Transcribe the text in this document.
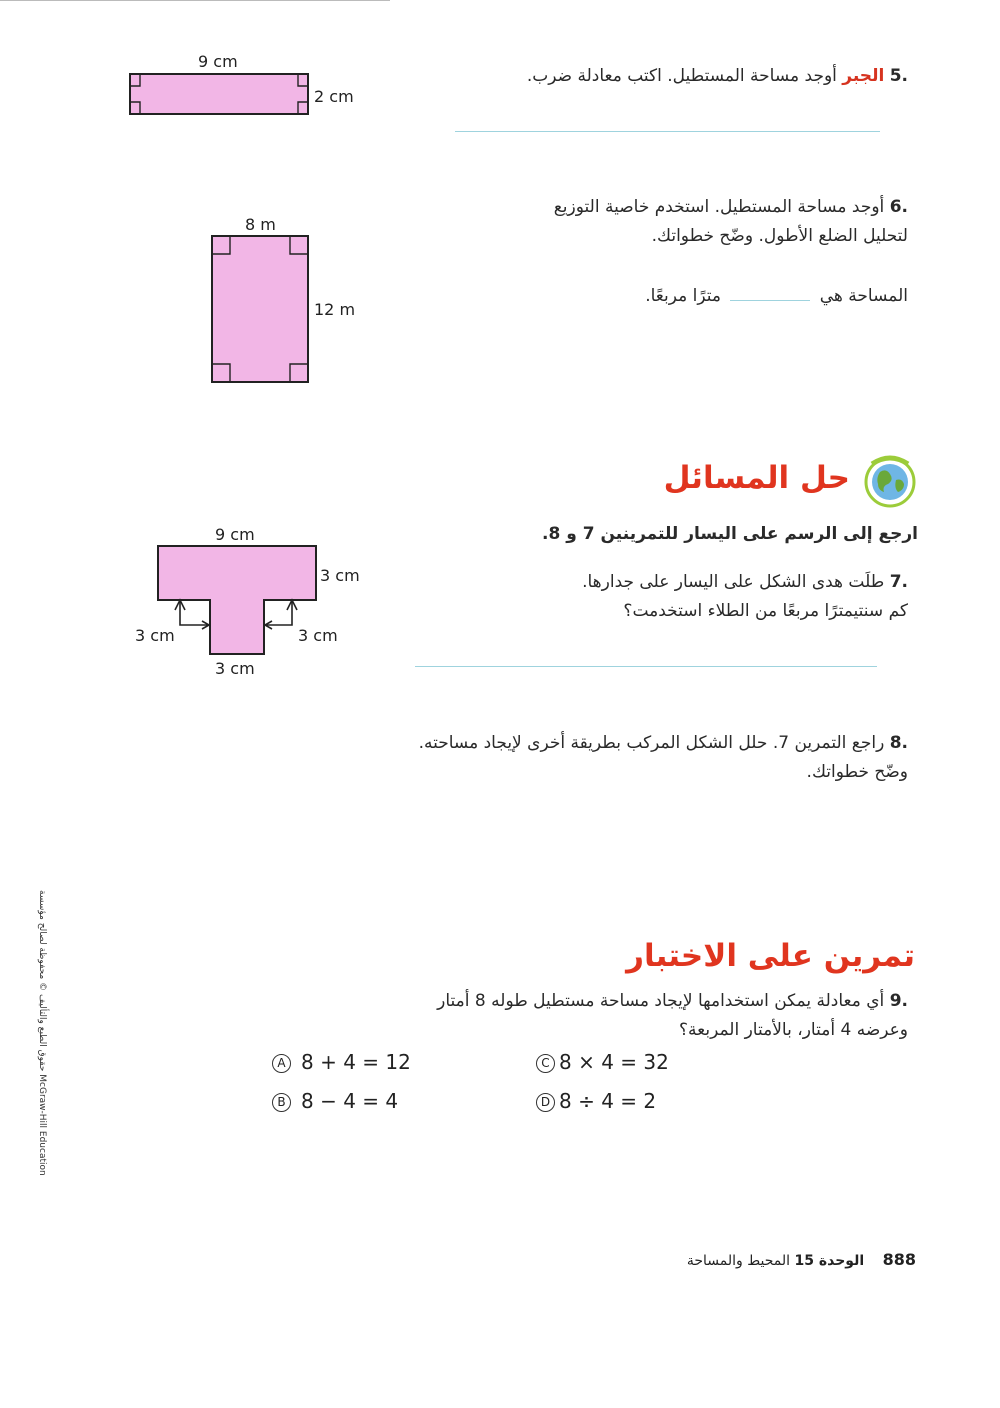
9 cm
2 cm
.5 الجبر أوجد مساحة المستطيل. اكتب معادلة ضرب.
8 m
12 m
.6 أوجد مساحة المستطيل. استخدم خاصية التوزيع
لتحليل الضلع الأطول. وضّح خطواتك.
المساحة هي  مترًا مربعًا.
حل المسائل
ارجع إلى الرسم على اليسار للتمرينين 7 و 8.
9 cm
3 cm
3 cm	3 cm
3 cm
.7 طلَت هدى الشكل على اليسار على جدارها.
كم سنتيمترًا مربعًا من الطلاء استخدمت؟
.8 راجع التمرين 7. حلل الشكل المركب بطريقة أخرى لإيجاد مساحته.
وضّح خطواتك.
تمرين على الاختبار
.9 أي معادلة يمكن استخدامها لإيجاد مساحة مستطيل طوله 8 أمتار
وعرضه 4 أمتار، بالأمتار المربعة؟
A 8 + 4 = 12
B 8 − 4 = 4
C 8 × 4 = 32
D 8 ÷ 4 = 2
حقوق الطبع والتأليف © محفوظة لصالح مؤسسة McGraw-Hill Education
888 الوحدة 15 المحيط والمساحة
